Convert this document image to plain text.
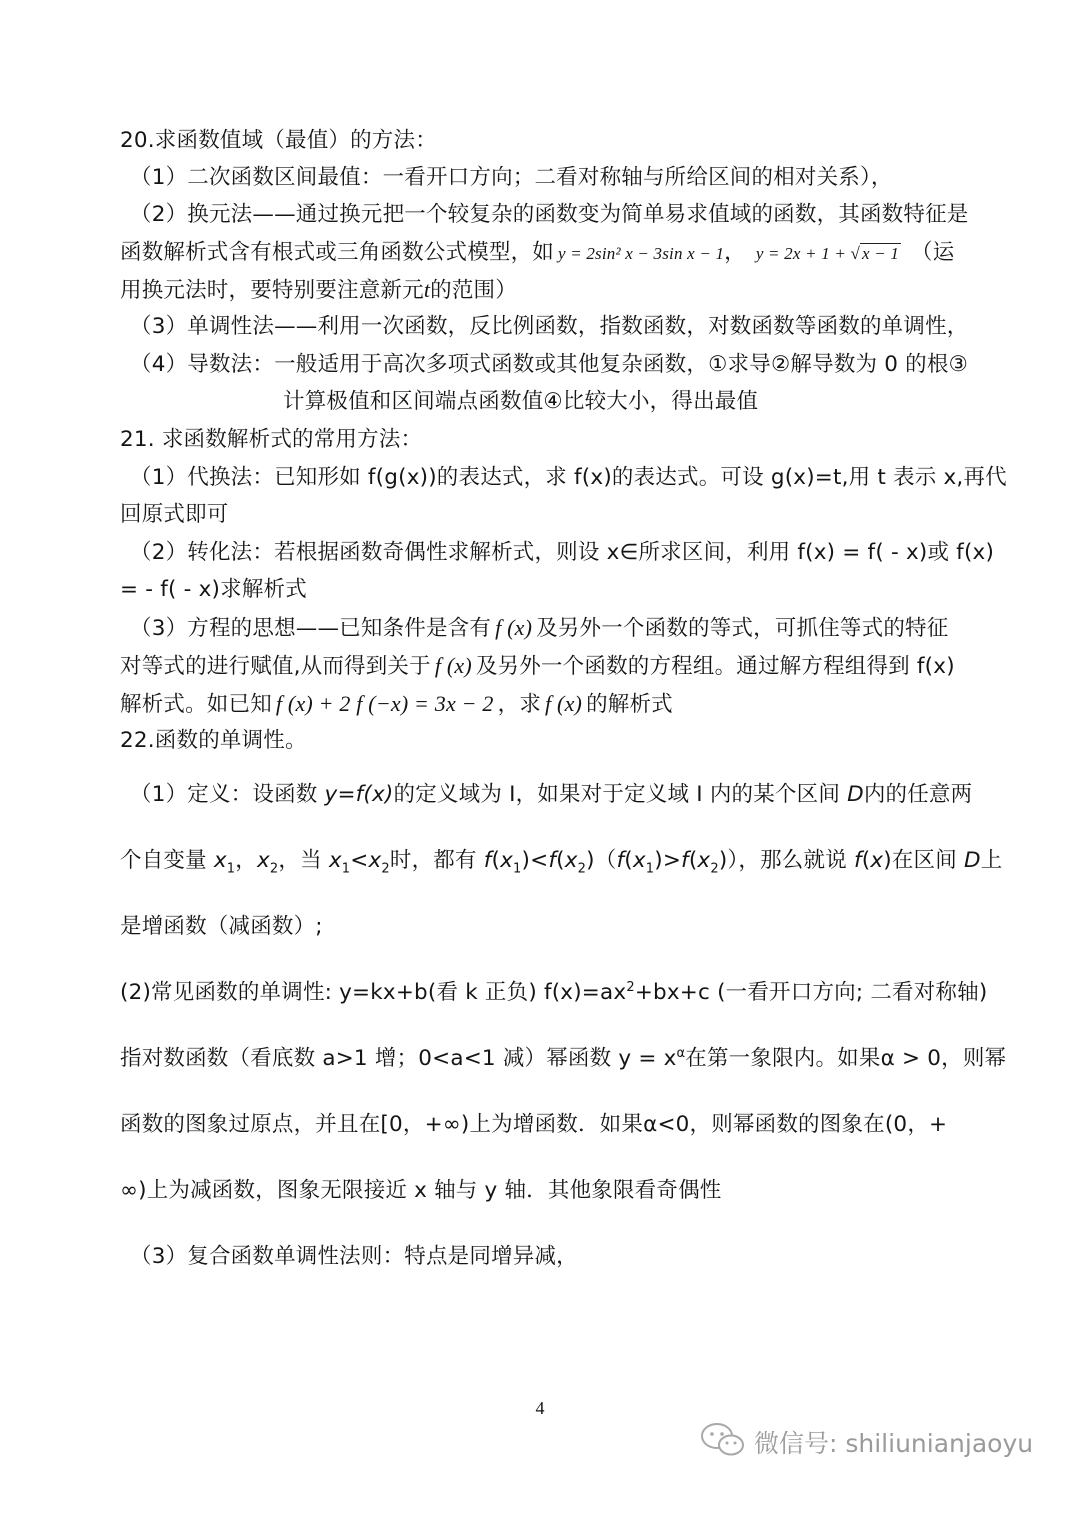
20.求函数值域（最值）的方法：
（1）二次函数区间最值：一看开口方向；二看对称轴与所给区间的相对关系），
（2）换元法——通过换元把一个较复杂的函数变为简单易求值域的函数，其函数特征是
函数解析式含有根式或三角函数公式模型，如 y = 2sin² x − 3sin x − 1， y = 2x + 1 + √ x − 1 （运
用换元法时，要特别要注意新元t的范围）
（3）单调性法——利用一次函数，反比例函数，指数函数，对数函数等函数的单调性，
（4）导数法：一般适用于高次多项式函数或其他复杂函数，①求导②解导数为 0 的根③
计算极值和区间端点函数值④比较大小，得出最值
21. 求函数解析式的常用方法：
（1）代换法：已知形如 f(g(x))的表达式，求 f(x)的表达式。可设 g(x)=t,用 t 表示 x,再代
回原式即可
（2）转化法：若根据函数奇偶性求解析式，则设 x∈所求区间，利用 f(x) = f( - x)或 f(x)
= - f( - x)求解析式
（3）方程的思想——已知条件是含有 f (x) 及另外一个函数的等式，可抓住等式的特征
对等式的进行赋值,从而得到关于 f (x) 及另外一个函数的方程组。通过解方程组得到 f(x)
解析式。如已知 f (x) + 2 f (−x) = 3x − 2 ，求 f (x) 的解析式
22.函数的单调性。
（1）定义：设函数 y=f(x)的定义域为 I，如果对于定义域 I 内的某个区间 D内的任意两
个自变量 $x_1$，$x_2$，当 $x_1<x_2$时，都有 $f(x_1)<f(x_2)(f(x_1)>f(x_2))$，那么就说 f(x)在区间 D上
是增函数（减函数）;
(2)常见函数的单调性: y=kx+b(看 k 正负) $f(x)=ax^2+bx+c$ (一看开口方向; 二看对称轴)
指对数函数（看底数 a>1 增；0<a<1 减）幂函数 $y = x^\alpha$在第一象限内。如果α > 0，则幂
函数的图象过原点，并且在[0，+∞)上为增函数．如果α<0，则幂函数的图象在(0，+
∞)上为减函数，图象无限接近 x 轴与 y 轴．其他象限看奇偶性
（3）复合函数单调性法则：特点是同增异减，
4
微信号: shiliunianjaoyu
